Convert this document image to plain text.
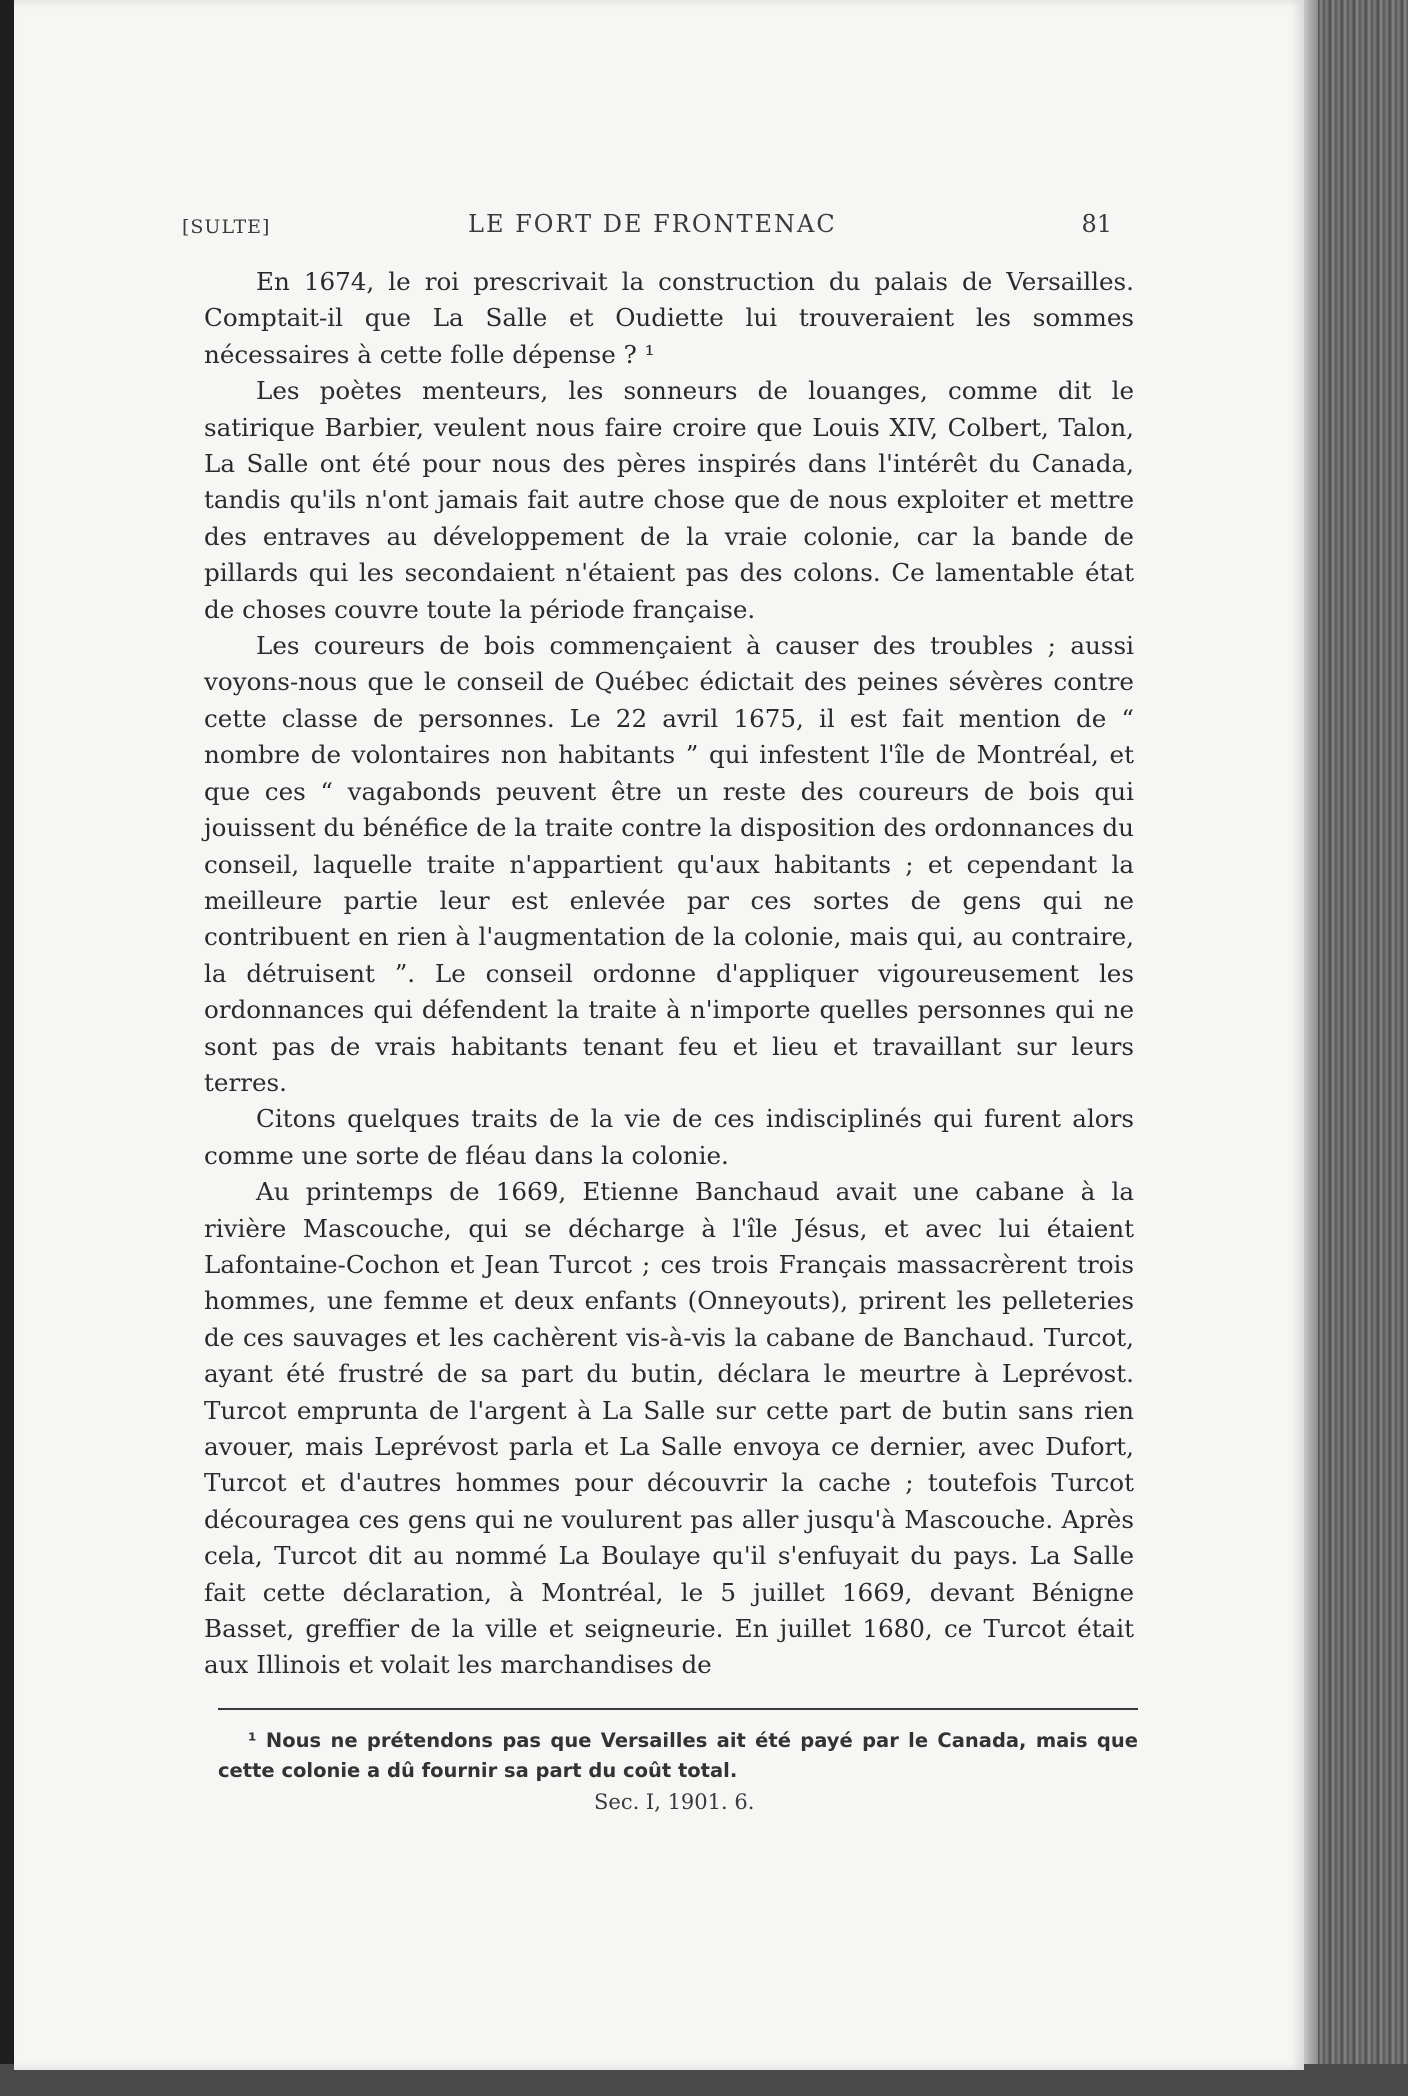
[SULTE]	LE FORT DE FRONTENAC	81

En 1674, le roi prescrivait la construction du palais de Versailles. Comptait-il que La Salle et Oudiette lui trouveraient les sommes nécessaires à cette folle dépense ? ¹

Les poètes menteurs, les sonneurs de louanges, comme dit le satirique Barbier, veulent nous faire croire que Louis XIV, Colbert, Talon, La Salle ont été pour nous des pères inspirés dans l'intérêt du Canada, tandis qu'ils n'ont jamais fait autre chose que de nous exploiter et mettre des entraves au développement de la vraie colonie, car la bande de pillards qui les secondaient n'étaient pas des colons. Ce lamentable état de choses couvre toute la période française.

Les coureurs de bois commençaient à causer des troubles ; aussi voyons-nous que le conseil de Québec édictait des peines sévères contre cette classe de personnes. Le 22 avril 1675, il est fait mention de “ nombre de volontaires non habitants ” qui infestent l'île de Montréal, et que ces “ vagabonds peuvent être un reste des coureurs de bois qui jouissent du bénéfice de la traite contre la disposition des ordonnances du conseil, laquelle traite n'appartient qu'aux habitants ; et cependant la meilleure partie leur est enlevée par ces sortes de gens qui ne contribuent en rien à l'augmentation de la colonie, mais qui, au contraire, la détruisent ”. Le conseil ordonne d'appliquer vigoureusement les ordonnances qui défendent la traite à n'importe quelles personnes qui ne sont pas de vrais habitants tenant feu et lieu et travaillant sur leurs terres.

Citons quelques traits de la vie de ces indisciplinés qui furent alors comme une sorte de fléau dans la colonie.

Au printemps de 1669, Etienne Banchaud avait une cabane à la rivière Mascouche, qui se décharge à l'île Jésus, et avec lui étaient Lafontaine-Cochon et Jean Turcot ; ces trois Français massacrèrent trois hommes, une femme et deux enfants (Onneyouts), prirent les pelleteries de ces sauvages et les cachèrent vis-à-vis la cabane de Banchaud. Turcot, ayant été frustré de sa part du butin, déclara le meurtre à Leprévost. Turcot emprunta de l'argent à La Salle sur cette part de butin sans rien avouer, mais Leprévost parla et La Salle envoya ce dernier, avec Dufort, Turcot et d'autres hommes pour découvrir la cache ; toutefois Turcot découragea ces gens qui ne voulurent pas aller jusqu'à Mascouche. Après cela, Turcot dit au nommé La Boulaye qu'il s'enfuyait du pays. La Salle fait cette déclaration, à Montréal, le 5 juillet 1669, devant Bénigne Basset, greffier de la ville et seigneurie. En juillet 1680, ce Turcot était aux Illinois et volait les marchandises de

¹ Nous ne prétendons pas que Versailles ait été payé par le Canada, mais que cette colonie a dû fournir sa part du coût total.
Sec. I, 1901. 6.
